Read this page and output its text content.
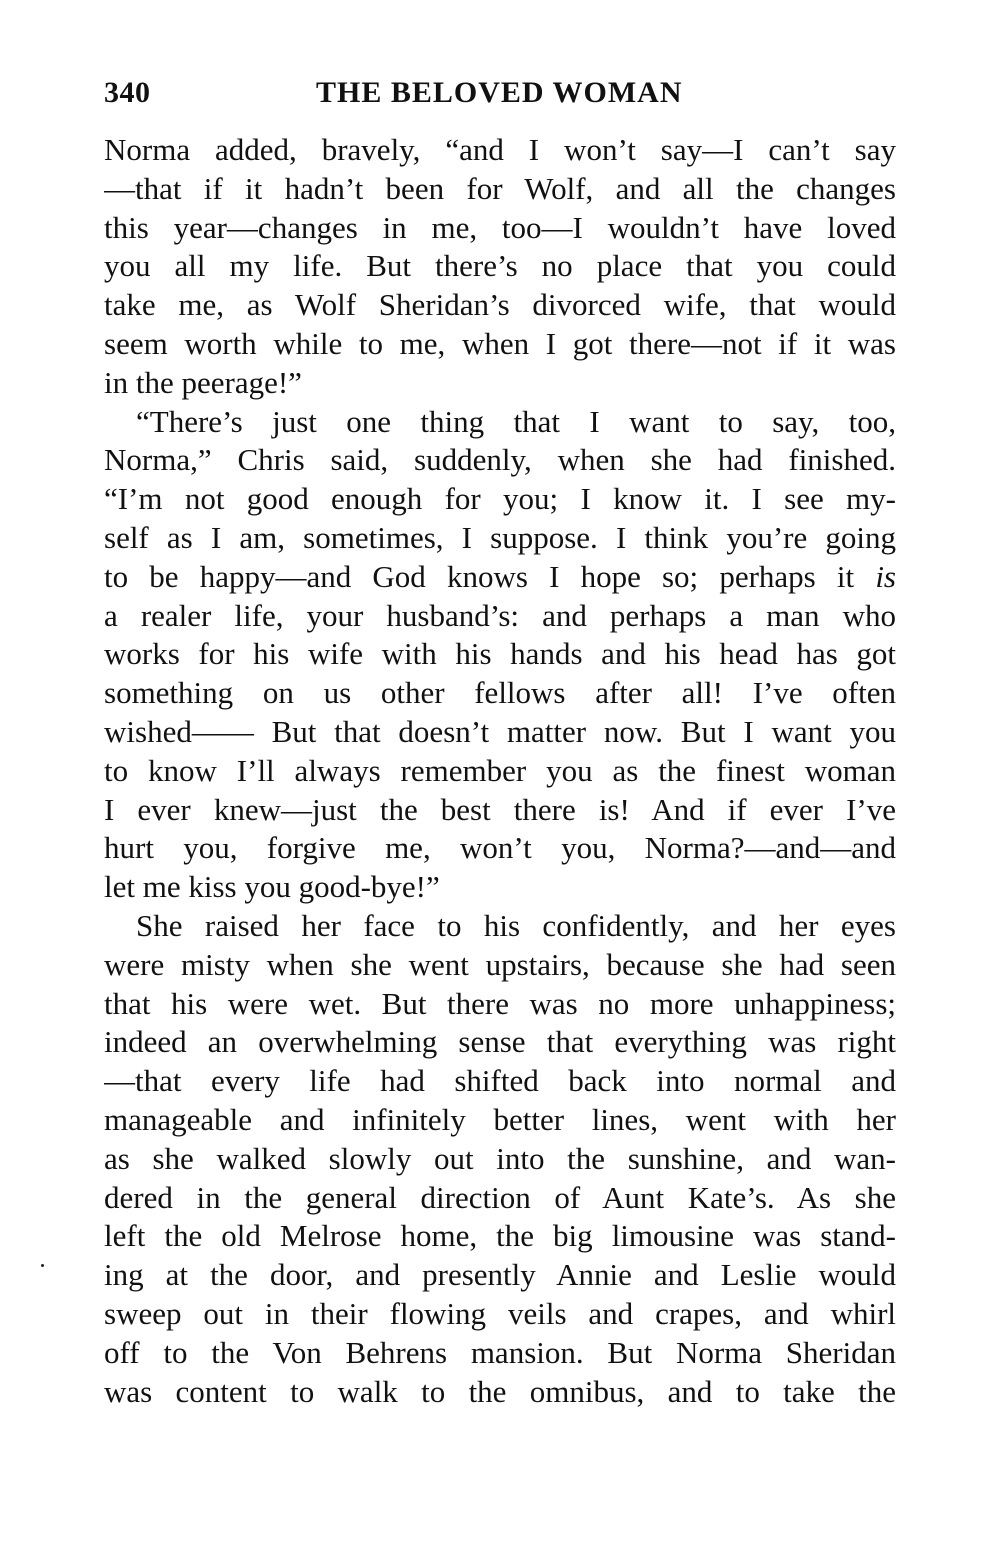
340	THE BELOVED WOMAN
Norma added, bravely, “and I won’t say—I can’t say
—that if it hadn’t been for Wolf, and all the changes
this year—changes in me, too—I wouldn’t have loved
you all my life. But there’s no place that you could
take me, as Wolf Sheridan’s divorced wife, that would
seem worth while to me, when I got there—not if it was
in the peerage!”
“There’s just one thing that I want to say, too,
Norma,” Chris said, suddenly, when she had finished.
“I’m not good enough for you; I know it. I see my-
self as I am, sometimes, I suppose. I think you’re going
to be happy—and God knows I hope so; perhaps it is
a realer life, your husband’s: and perhaps a man who
works for his wife with his hands and his head has got
something on us other fellows after all! I’ve often
wished—— But that doesn’t matter now. But I want you
to know I’ll always remember you as the finest woman
I ever knew—just the best there is! And if ever I’ve
hurt you, forgive me, won’t you, Norma?—and—and
let me kiss you good-bye!”
She raised her face to his confidently, and her eyes
were misty when she went upstairs, because she had seen
that his were wet. But there was no more unhappiness;
indeed an overwhelming sense that everything was right
—that every life had shifted back into normal and
manageable and infinitely better lines, went with her
as she walked slowly out into the sunshine, and wan-
dered in the general direction of Aunt Kate’s. As she
left the old Melrose home, the big limousine was stand-
ing at the door, and presently Annie and Leslie would
sweep out in their flowing veils and crapes, and whirl
off to the Von Behrens mansion. But Norma Sheridan
was content to walk to the omnibus, and to take the
